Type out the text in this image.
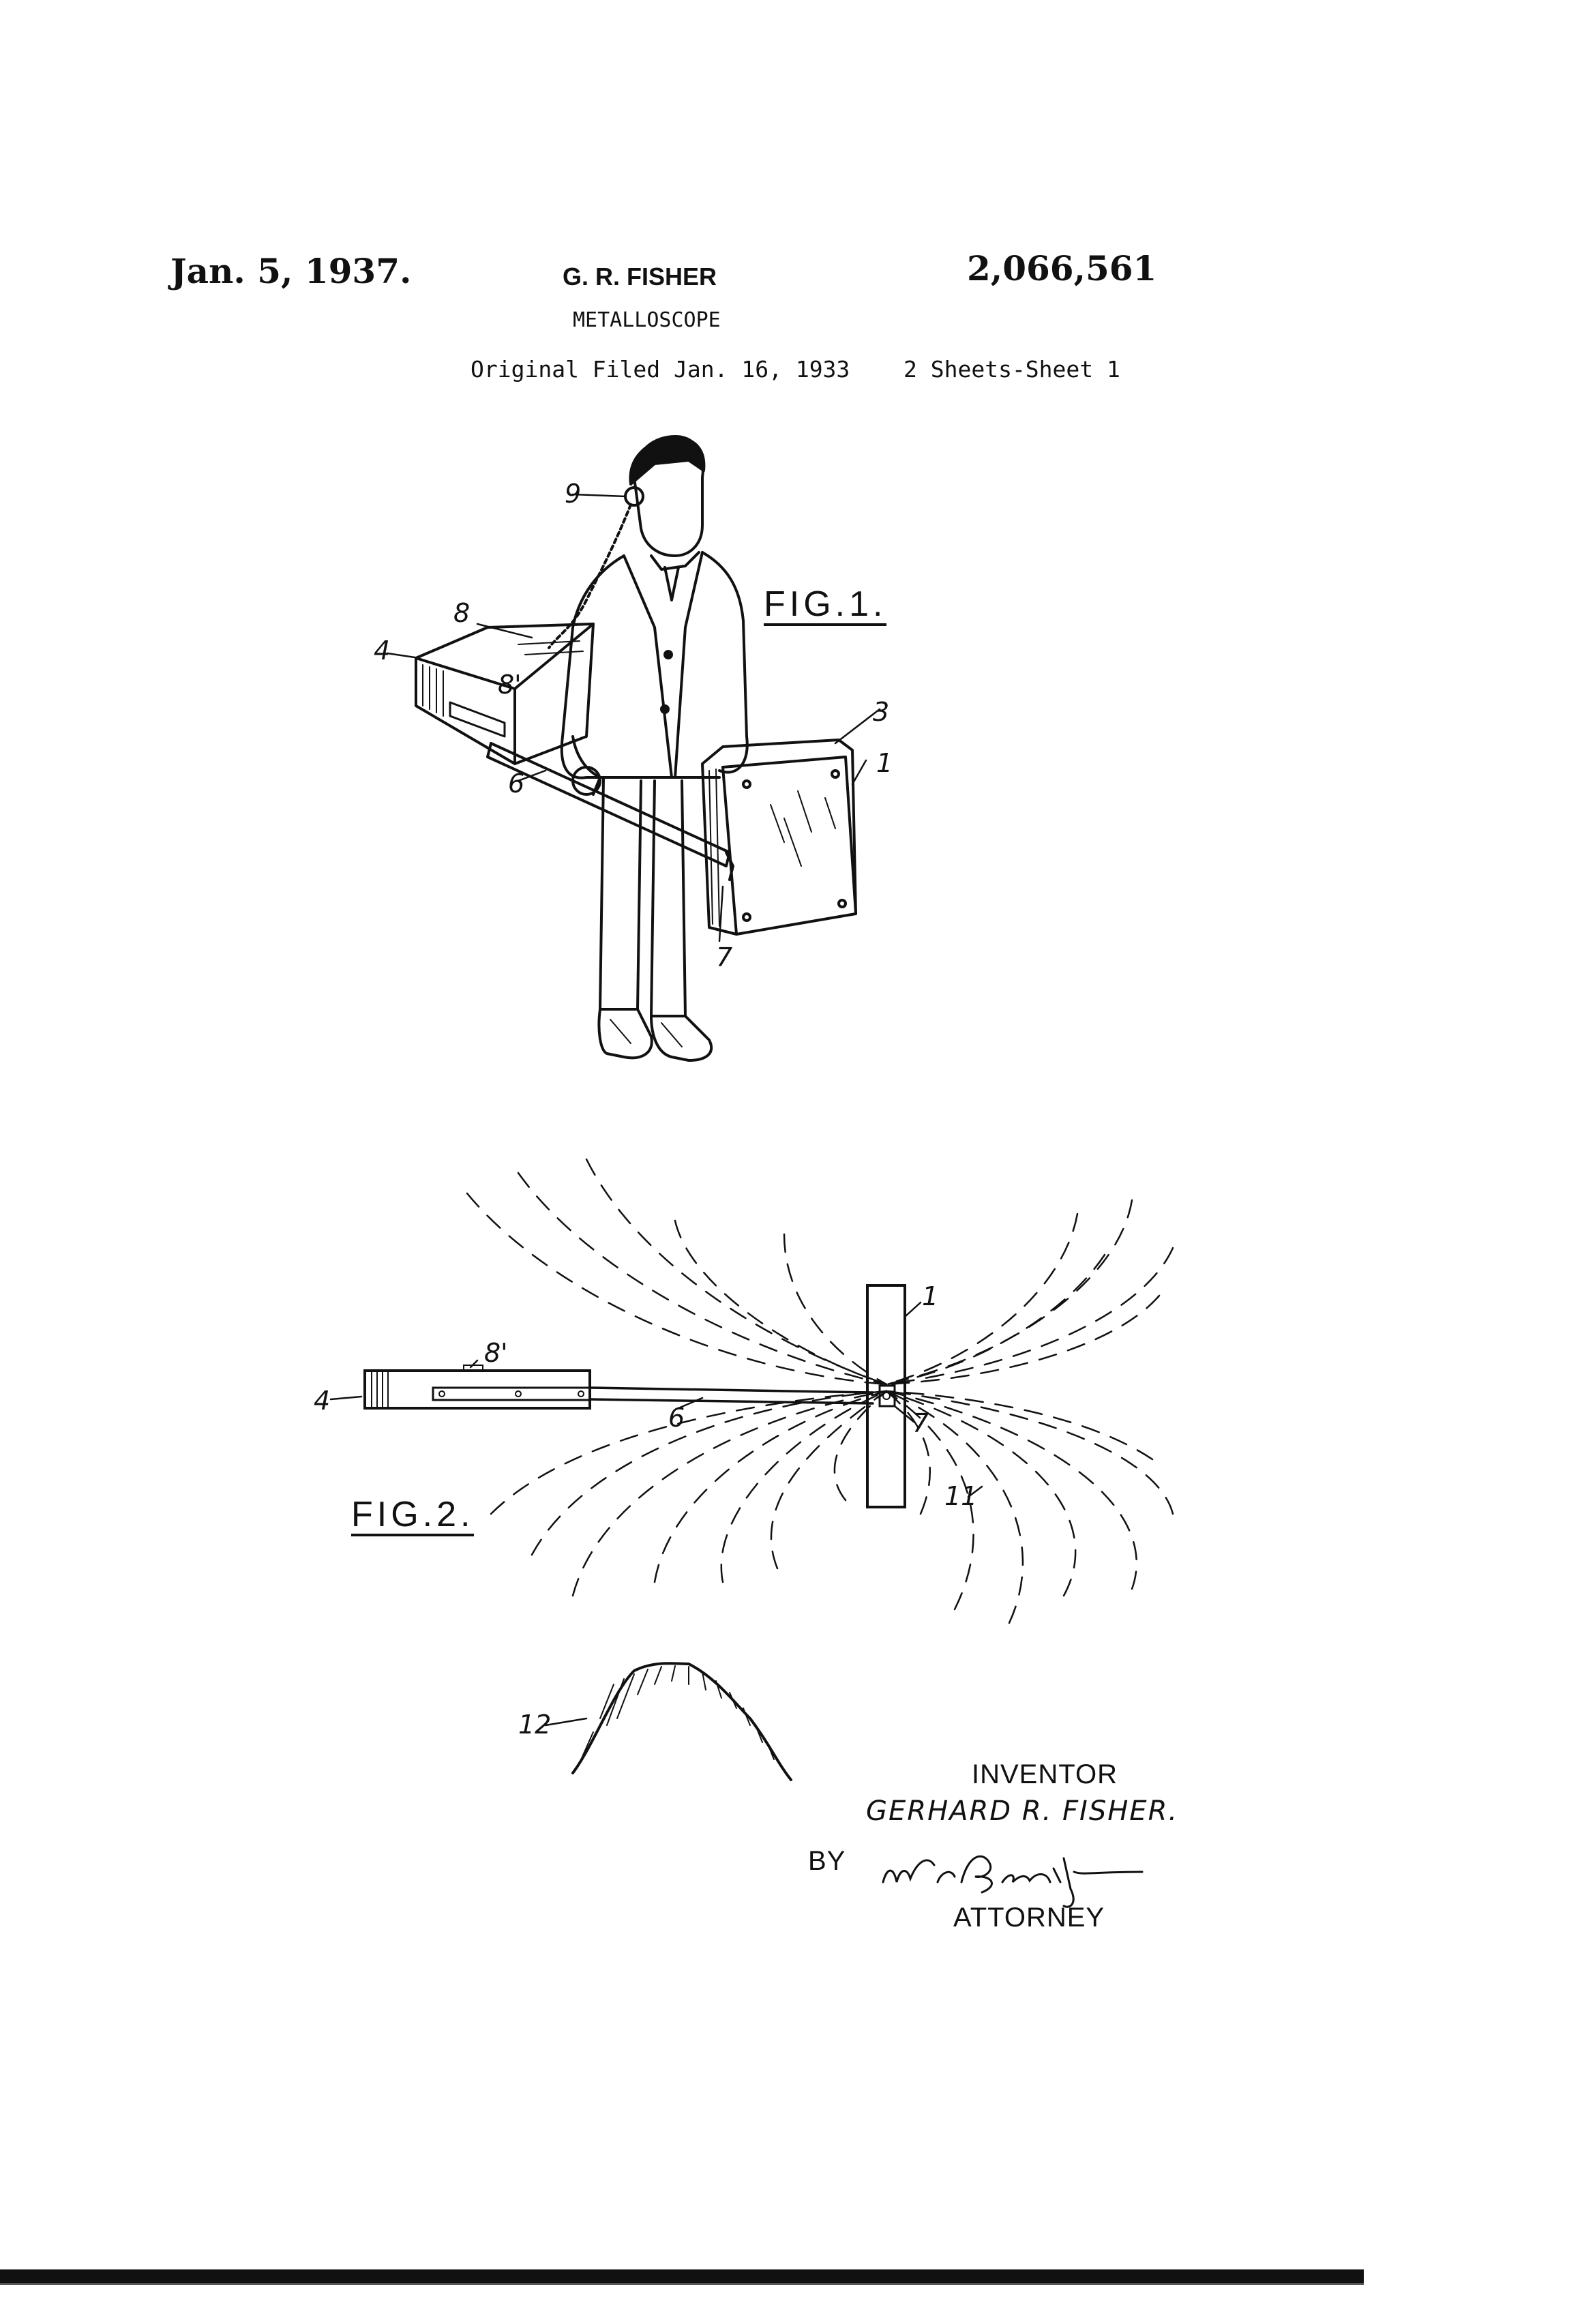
Jan. 5, 1937.	G. R. FISHER	2,066,561
METALLOSCOPE
Original Filed Jan. 16, 1933 2 Sheets-Sheet 1
FIG.1.
9
8
8'
4
6
3
1
7
FIG.2.
8'
4
6
1
7
11
12
INVENTOR
GERHARD R. FISHER.
BY
ATTORNEY
